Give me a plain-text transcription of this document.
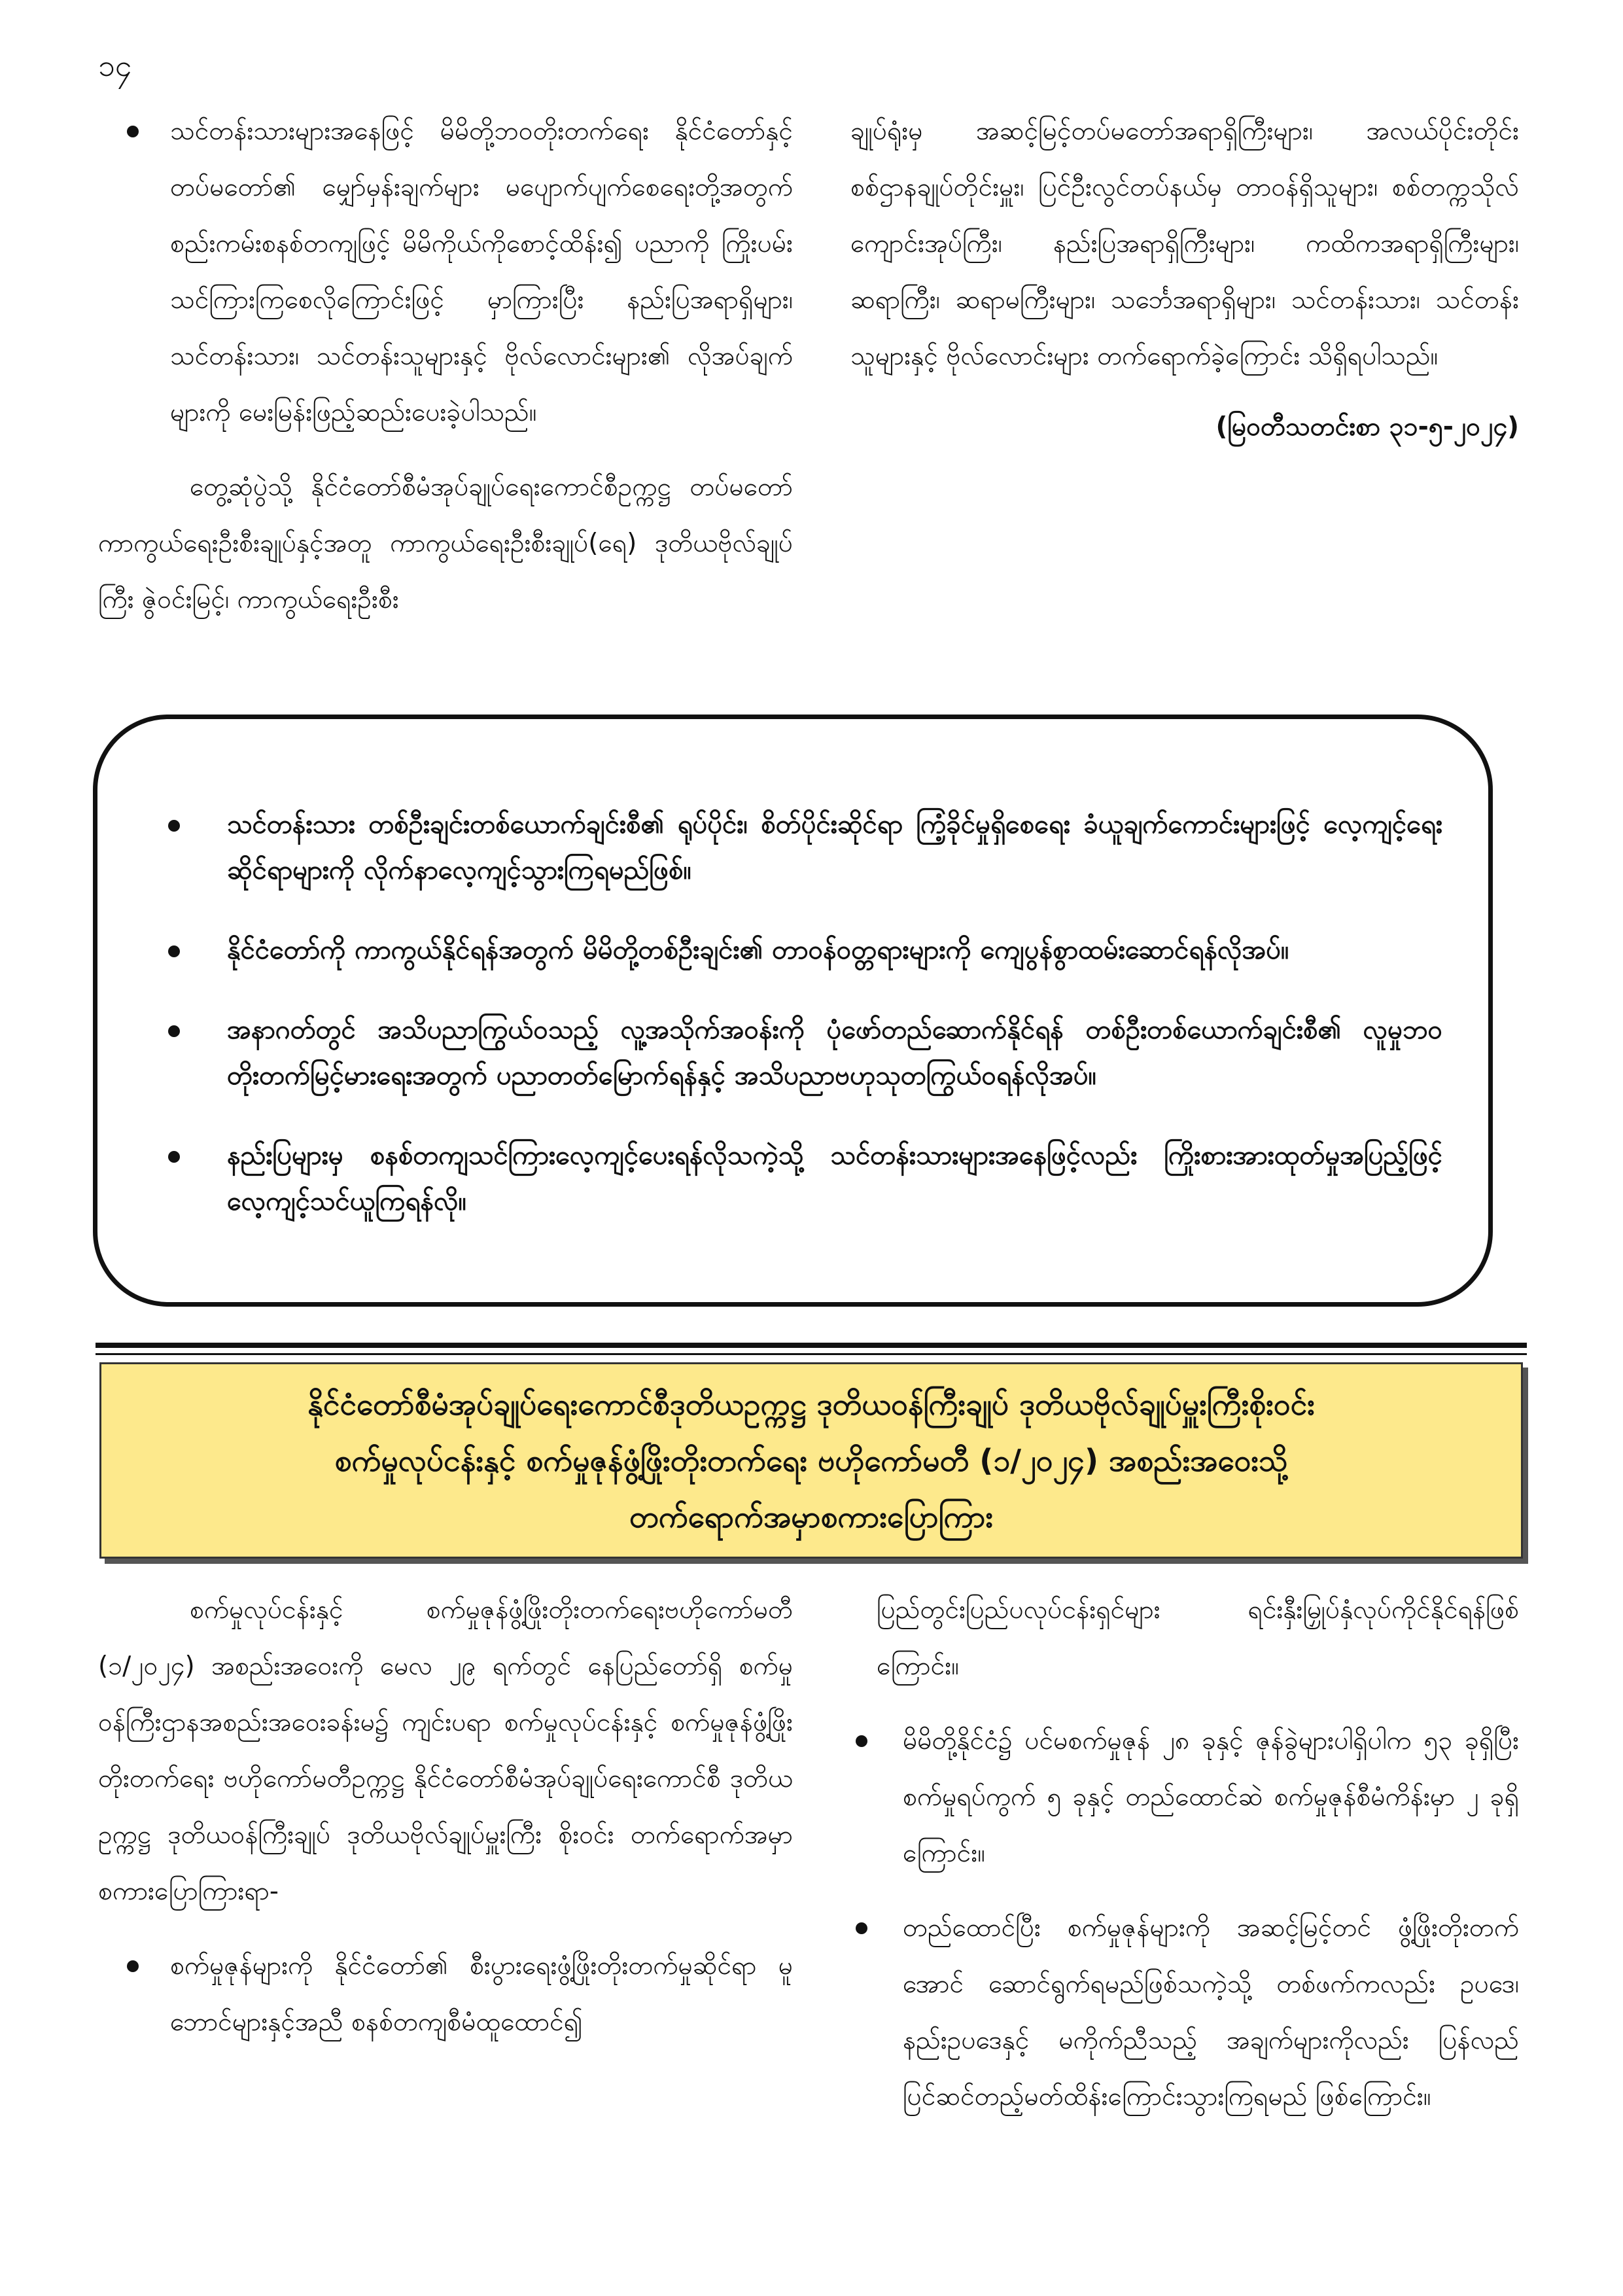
၁၄
သင်တန်းသားများအနေဖြင့် မိမိတို့ဘဝတိုးတက်ရေး နိုင်ငံတော်နှင့်တပ်မတော်၏ မျှော်မှန်းချက်များ မပျောက်ပျက်စေရေးတို့အတွက် စည်းကမ်းစနစ်တကျဖြင့် မိမိကိုယ်ကိုစောင့်ထိန်း၍ ပညာကို ကြိုးပမ်းသင်ကြားကြစေလိုကြောင်းဖြင့် မှာကြားပြီး နည်းပြအရာရှိများ၊ သင်တန်းသား၊ သင်တန်းသူများနှင့် ဗိုလ်လောင်းများ၏ လိုအပ်ချက်များကို မေးမြန်းဖြည့်ဆည်းပေးခဲ့ပါသည်။

တွေ့ဆုံပွဲသို့ နိုင်ငံတော်စီမံအုပ်ချုပ်ရေးကောင်စီဥက္ကဋ္ဌ တပ်မတော်ကာကွယ်ရေးဦးစီးချုပ်နှင့်အတူ ကာကွယ်ရေးဦးစီးချုပ်(ရေ) ဒုတိယဗိုလ်ချုပ်ကြီး ဇွဲဝင်းမြင့်၊ ကာကွယ်ရေးဦးစီး

ချုပ်ရုံးမှ အဆင့်မြင့်တပ်မတော်အရာရှိကြီးများ၊ အလယ်ပိုင်းတိုင်းစစ်ဌာနချုပ်တိုင်းမှူး၊ ပြင်ဦးလွင်တပ်နယ်မှ တာဝန်ရှိသူများ၊ စစ်တက္ကသိုလ်ကျောင်းအုပ်ကြီး၊ နည်းပြအရာရှိကြီးများ၊ ကထိကအရာရှိကြီးများ၊ ဆရာကြီး၊ ဆရာမကြီးများ၊ သင်္ဘေအရာရှိများ၊ သင်တန်းသား၊ သင်တန်းသူများနှင့် ဗိုလ်လောင်းများ တက်ရောက်ခဲ့ကြောင်း သိရှိရပါသည်။

(မြဝတီသတင်းစာ ၃၁-၅-၂၀၂၄)

သင်တန်းသား တစ်ဦးချင်းတစ်ယောက်ချင်းစီ၏ ရုပ်ပိုင်း၊ စိတ်ပိုင်းဆိုင်ရာ ကြံ့ခိုင်မှုရှိစေရေး ခံယူချက်ကောင်းများဖြင့် လေ့ကျင့်ရေးဆိုင်ရာများကို လိုက်နာလေ့ကျင့်သွားကြရမည်ဖြစ်။
နိုင်ငံတော်ကို ကာကွယ်နိုင်ရန်အတွက် မိမိတို့တစ်ဦးချင်း၏ တာဝန်ဝတ္တရားများကို ကျေပွန်စွာထမ်းဆောင်ရန်လိုအပ်။
အနာဂတ်တွင် အသိပညာကြွယ်ဝသည့် လူ့အသိုက်အဝန်းကို ပုံဖော်တည်ဆောက်နိုင်ရန် တစ်ဦးတစ်ယောက်ချင်းစီ၏ လူမှုဘဝတိုးတက်မြင့်မားရေးအတွက် ပညာတတ်မြောက်ရန်နှင့် အသိပညာဗဟုသုတကြွယ်ဝရန်လိုအပ်။
နည်းပြများမှ စနစ်တကျသင်ကြားလေ့ကျင့်ပေးရန်လိုသကဲ့သို့ သင်တန်းသားများအနေဖြင့်လည်း ကြိုးစားအားထုတ်မှုအပြည့်ဖြင့် လေ့ကျင့်သင်ယူကြရန်လို။
နိုင်ငံတော်စီမံအုပ်ချုပ်ရေးကောင်စီဒုတိယဥက္ကဋ္ဌ ဒုတိယဝန်ကြီးချုပ် ဒုတိယဗိုလ်ချုပ်မှူးကြီးစိုးဝင်း
စက်မှုလုပ်ငန်းနှင့် စက်မှုဇုန်ဖွံ့ဖြိုးတိုးတက်ရေး ဗဟိုကော်မတီ (၁/၂၀၂၄) အစည်းအဝေးသို့
တက်ရောက်အမှာစကားပြောကြား

စက်မှုလုပ်ငန်းနှင့် စက်မှုဇုန်ဖွံ့ဖြိုးတိုးတက်ရေးဗဟိုကော်မတီ (၁/၂၀၂၄) အစည်းအဝေးကို မေလ ၂၉ ရက်တွင် နေပြည်တော်ရှိ စက်မှုဝန်ကြီးဌာနအစည်းအဝေးခန်းမ၌ ကျင်းပရာ စက်မှုလုပ်ငန်းနှင့် စက်မှုဇုန်ဖွံ့ဖြိုးတိုးတက်ရေး ဗဟိုကော်မတီဥက္ကဋ္ဌ နိုင်ငံတော်စီမံအုပ်ချုပ်ရေးကောင်စီ ဒုတိယဥက္ကဋ္ဌ ဒုတိယဝန်ကြီးချုပ် ဒုတိယဗိုလ်ချုပ်မှူးကြီး စိုးဝင်း တက်ရောက်အမှာစကားပြောကြားရာ-

စက်မှုဇုန်များကို နိုင်ငံတော်၏ စီးပွားရေးဖွံ့ဖြိုးတိုးတက်မှုဆိုင်ရာ မူဘောင်များနှင့်အညီ စနစ်တကျစီမံထူထောင်၍

ပြည်တွင်းပြည်ပလုပ်ငန်းရှင်များ ရင်းနှီးမြှုပ်နှံလုပ်ကိုင်နိုင်ရန်ဖြစ်ကြောင်း။

မိမိတို့နိုင်ငံ၌ ပင်မစက်မှုဇုန် ၂၈ ခုနှင့် ဇုန်ခွဲများပါရှိပါက ၅၃ ခုရှိပြီး စက်မှုရပ်ကွက် ၅ ခုနှင့် တည်ထောင်ဆဲ စက်မှုဇုန်စီမံကိန်းမှာ ၂ ခုရှိကြောင်း။
တည်ထောင်ပြီး စက်မှုဇုန်များကို အဆင့်မြင့်တင် ဖွံ့ဖြိုးတိုးတက်အောင် ဆောင်ရွက်ရမည်ဖြစ်သကဲ့သို့ တစ်ဖက်ကလည်း ဥပဒေ၊ နည်းဥပဒေနှင့် မကိုက်ညီသည့် အချက်များကိုလည်း ပြန်လည်ပြင်ဆင်တည့်မတ်ထိန်းကြောင်းသွားကြရမည် ဖြစ်ကြောင်း။
